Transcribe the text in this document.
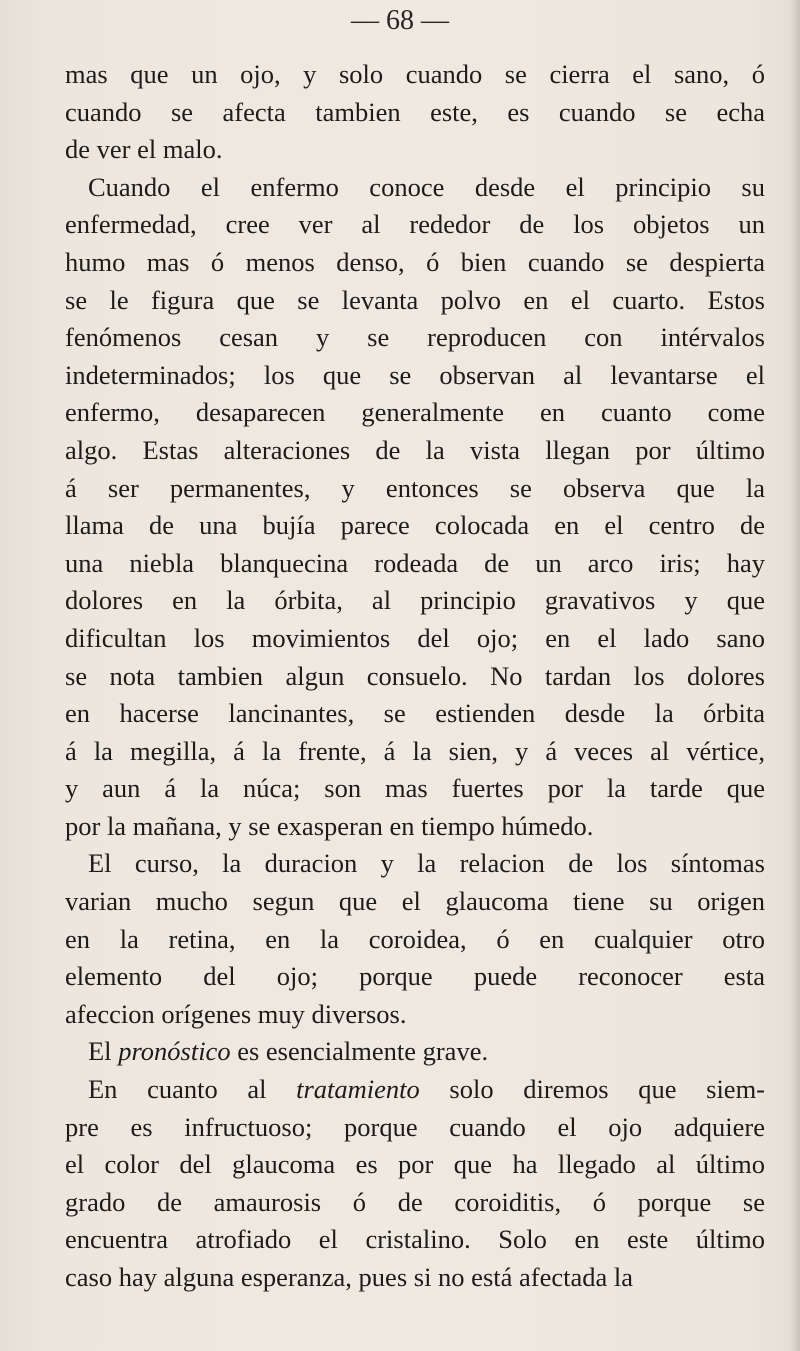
— 68 —
mas que un ojo, y solo cuando se cierra el sano, ó
cuando se afecta tambien este, es cuando se echa
de ver el malo.
Cuando el enfermo conoce desde el principio su
enfermedad, cree ver al rededor de los objetos un
humo mas ó menos denso, ó bien cuando se despierta
se le figura que se levanta polvo en el cuarto. Estos
fenómenos cesan y se reproducen con intérvalos
indeterminados; los que se observan al levantarse el
enfermo, desaparecen generalmente en cuanto come
algo. Estas alteraciones de la vista llegan por último
á ser permanentes, y entonces se observa que la
llama de una bujía parece colocada en el centro de
una niebla blanquecina rodeada de un arco iris; hay
dolores en la órbita, al principio gravativos y que
dificultan los movimientos del ojo; en el lado sano
se nota tambien algun consuelo. No tardan los dolores
en hacerse lancinantes, se estienden desde la órbita
á la megilla, á la frente, á la sien, y á veces al vértice,
y aun á la núca; son mas fuertes por la tarde que
por la mañana, y se exasperan en tiempo húmedo.
El curso, la duracion y la relacion de los síntomas
varian mucho segun que el glaucoma tiene su origen
en la retina, en la coroidea, ó en cualquier otro
elemento del ojo; porque puede reconocer esta
afeccion orígenes muy diversos.
El pronóstico es esencialmente grave.
En cuanto al tratamiento solo diremos que siem-
pre es infructuoso; porque cuando el ojo adquiere
el color del glaucoma es por que ha llegado al último
grado de amaurosis ó de coroiditis, ó porque se
encuentra atrofiado el cristalino. Solo en este último
caso hay alguna esperanza, pues si no está afectada la
